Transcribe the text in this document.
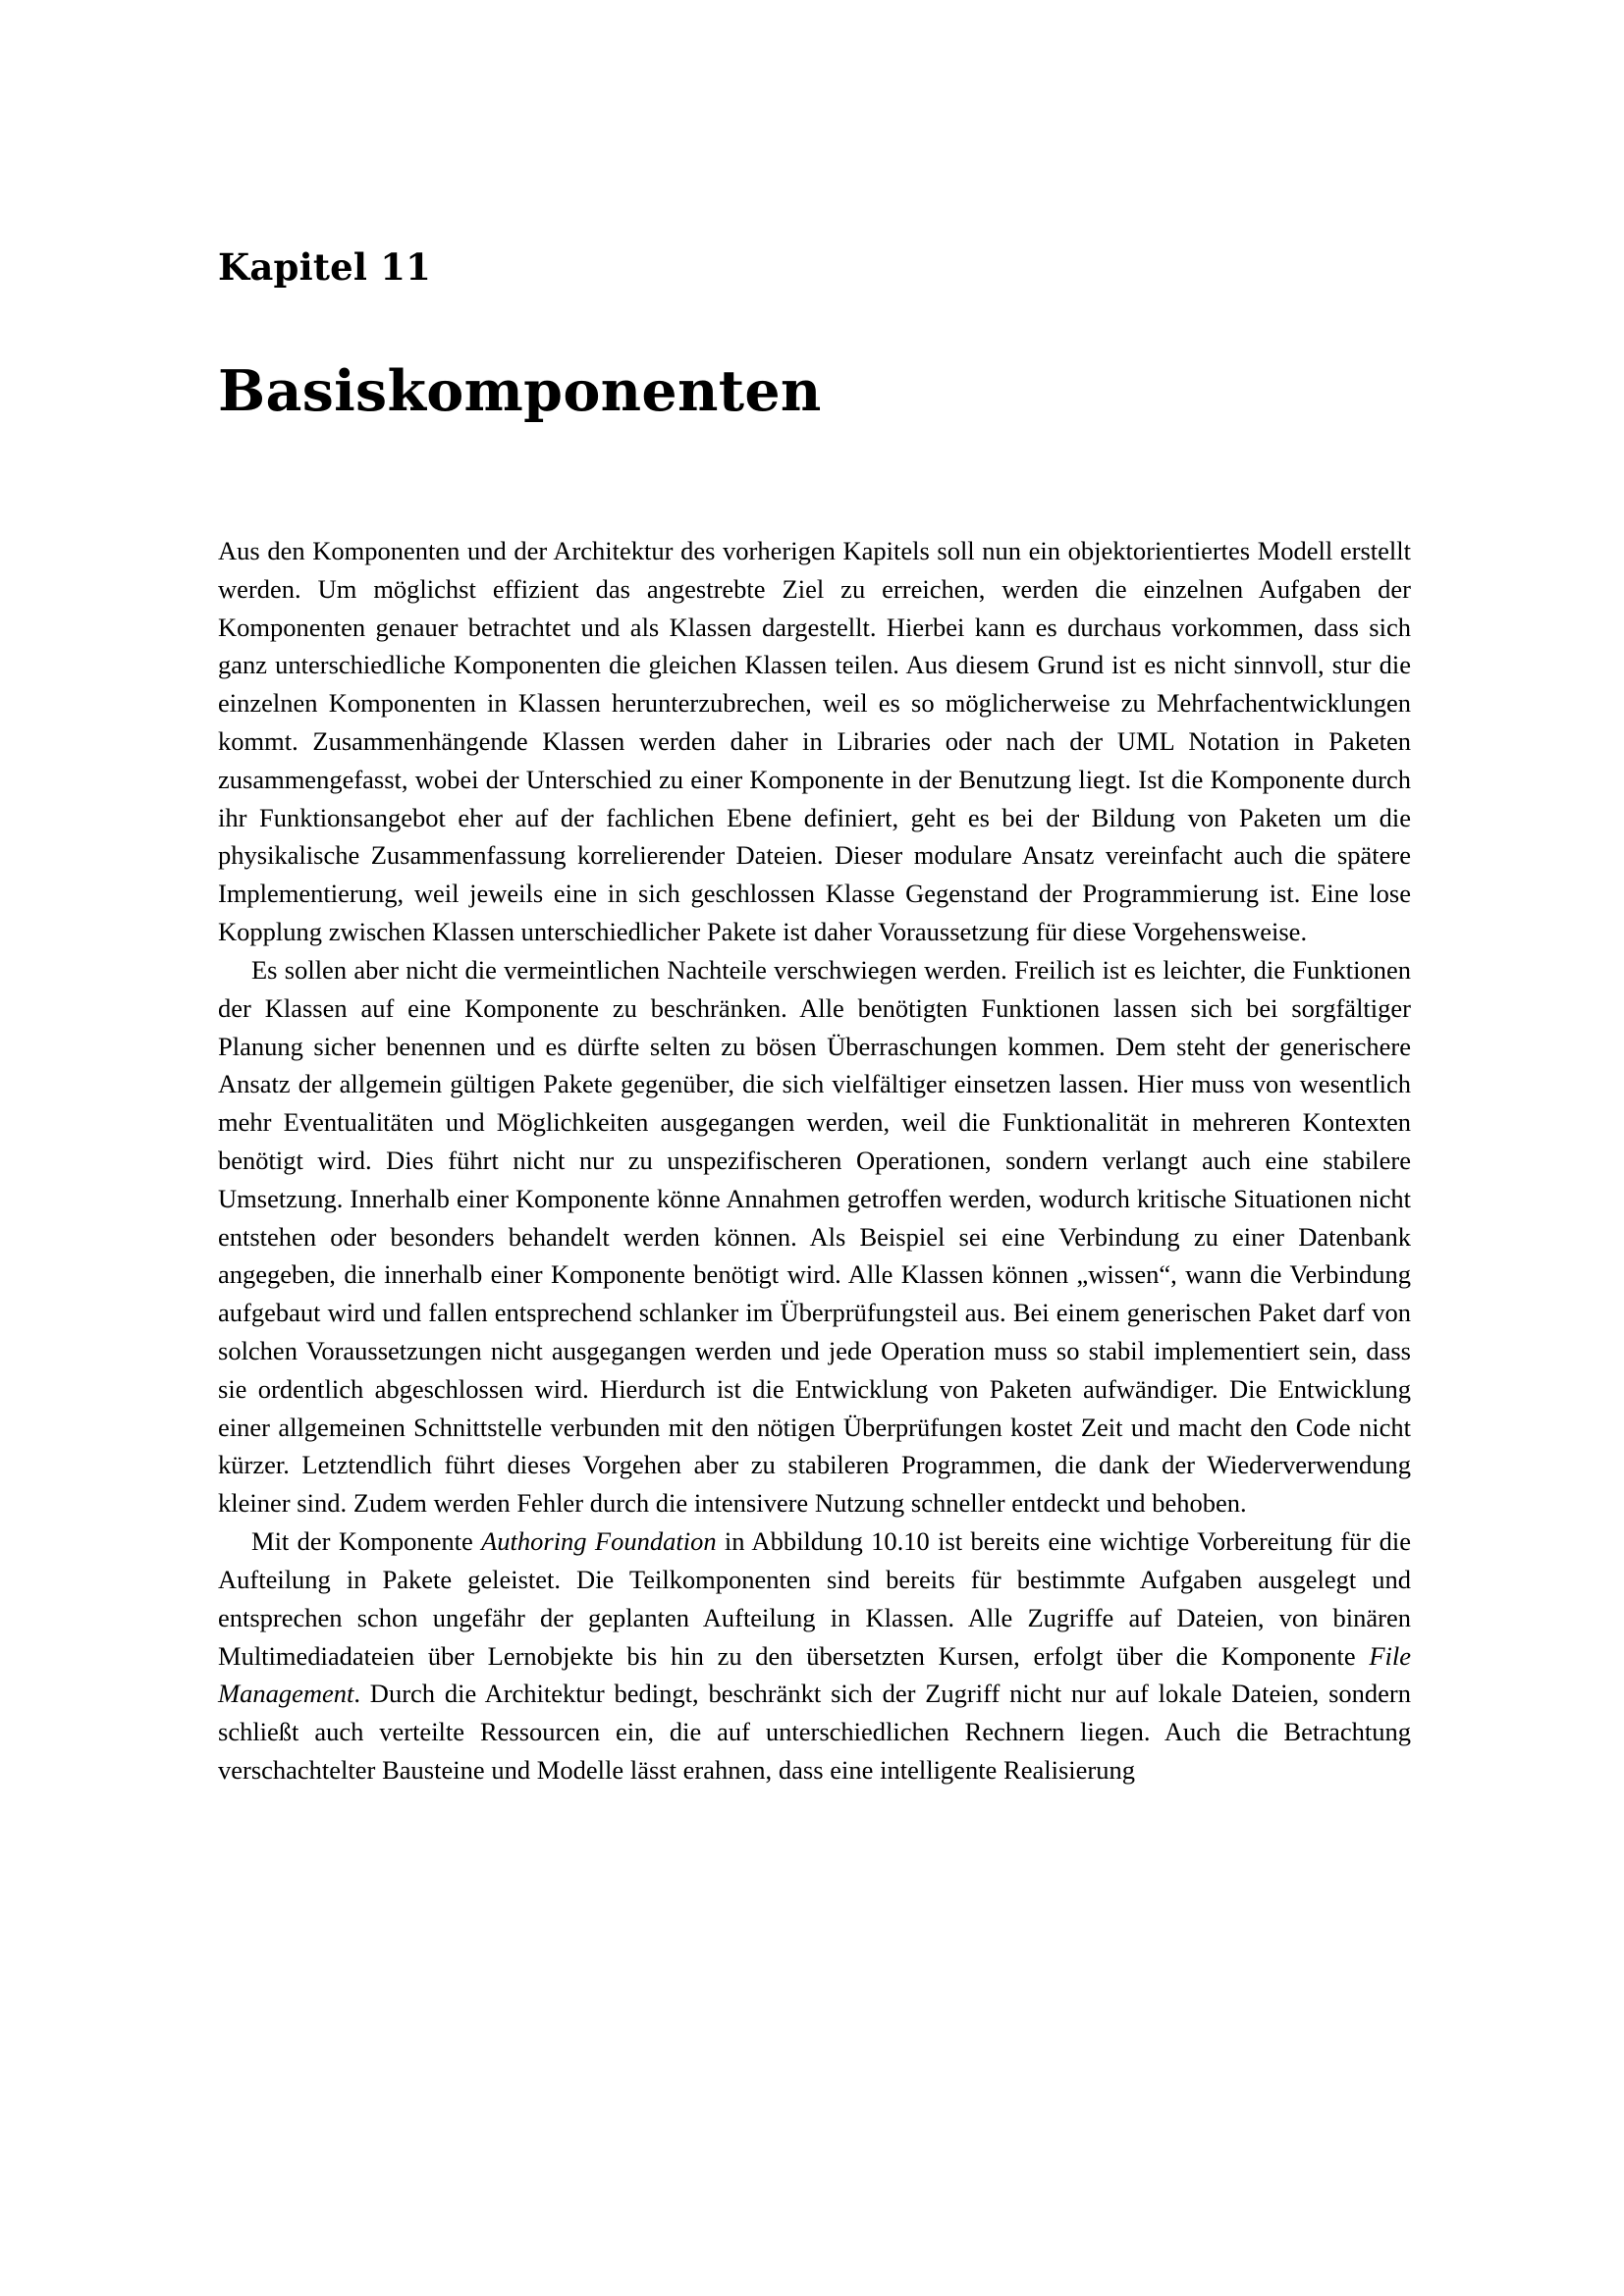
Kapitel 11
Basiskomponenten

Aus den Komponenten und der Architektur des vorherigen Kapitels soll nun ein objektorientiertes Modell erstellt werden. Um möglichst effizient das angestrebte Ziel zu erreichen, werden die einzelnen Aufgaben der Komponenten genauer betrachtet und als Klassen dargestellt. Hierbei kann es durchaus vorkommen, dass sich ganz unterschiedliche Komponenten die gleichen Klassen teilen. Aus diesem Grund ist es nicht sinnvoll, stur die einzelnen Komponenten in Klassen herunterzubrechen, weil es so möglicherweise zu Mehrfachentwicklungen kommt. Zusammenhängende Klassen werden daher in Libraries oder nach der UML Notation in Paketen zusammengefasst, wobei der Unterschied zu einer Komponente in der Benutzung liegt. Ist die Komponente durch ihr Funktionsangebot eher auf der fachlichen Ebene definiert, geht es bei der Bildung von Paketen um die physikalische Zusammenfassung korrelierender Dateien. Dieser modulare Ansatz vereinfacht auch die spätere Implementierung, weil jeweils eine in sich geschlossen Klasse Gegenstand der Programmierung ist. Eine lose Kopplung zwischen Klassen unterschiedlicher Pakete ist daher Voraussetzung für diese Vorgehensweise.

Es sollen aber nicht die vermeintlichen Nachteile verschwiegen werden. Freilich ist es leichter, die Funktionen der Klassen auf eine Komponente zu beschränken. Alle benötigten Funktionen lassen sich bei sorgfältiger Planung sicher benennen und es dürfte selten zu bösen Überraschungen kommen. Dem steht der generischere Ansatz der allgemein gültigen Pakete gegenüber, die sich vielfältiger einsetzen lassen. Hier muss von wesentlich mehr Eventualitäten und Möglichkeiten ausgegangen werden, weil die Funktionalität in mehreren Kontexten benötigt wird. Dies führt nicht nur zu unspezifischeren Operationen, sondern verlangt auch eine stabilere Umsetzung. Innerhalb einer Komponente könne Annahmen getroffen werden, wodurch kritische Situationen nicht entstehen oder besonders behandelt werden können. Als Beispiel sei eine Verbindung zu einer Datenbank angegeben, die innerhalb einer Komponente benötigt wird. Alle Klassen können „wissen“, wann die Verbindung aufgebaut wird und fallen entsprechend schlanker im Überprüfungsteil aus. Bei einem generischen Paket darf von solchen Voraussetzungen nicht ausgegangen werden und jede Operation muss so stabil implementiert sein, dass sie ordentlich abgeschlossen wird. Hierdurch ist die Entwicklung von Paketen aufwändiger. Die Entwicklung einer allgemeinen Schnittstelle verbunden mit den nötigen Überprüfungen kostet Zeit und macht den Code nicht kürzer. Letztendlich führt dieses Vorgehen aber zu stabileren Programmen, die dank der Wiederverwendung kleiner sind. Zudem werden Fehler durch die intensivere Nutzung schneller entdeckt und behoben.

Mit der Komponente Authoring Foundation in Abbildung 10.10 ist bereits eine wichtige Vorbereitung für die Aufteilung in Pakete geleistet. Die Teilkomponenten sind bereits für bestimmte Aufgaben ausgelegt und entsprechen schon ungefähr der geplanten Aufteilung in Klassen. Alle Zugriffe auf Dateien, von binären Multimediadateien über Lernobjekte bis hin zu den übersetzten Kursen, erfolgt über die Komponente File Management. Durch die Architektur bedingt, beschränkt sich der Zugriff nicht nur auf lokale Dateien, sondern schließt auch verteilte Ressourcen ein, die auf unterschiedlichen Rechnern liegen. Auch die Betrachtung verschachtelter Bausteine und Modelle lässt erahnen, dass eine intelligente Realisierung
